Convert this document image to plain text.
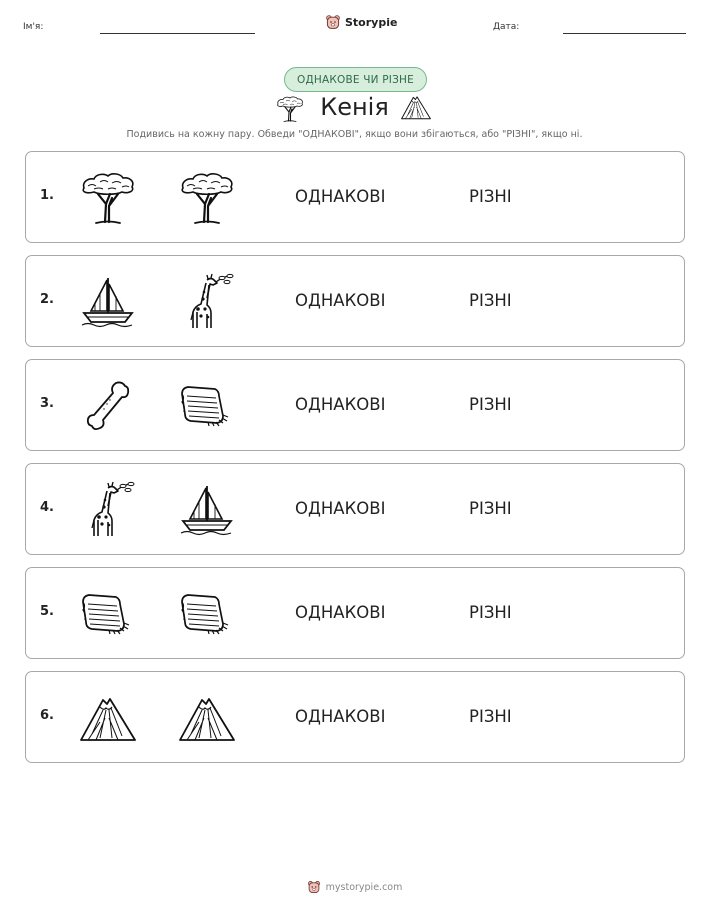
Ім'я:	Storypie	Дата:
ОДНАКОВЕ ЧИ РІЗНЕ
Кенія
Подивись на кожну пару. Обведи "ОДНАКОВІ", якщо вони збігаються, або "РІЗНІ", якщо ні.
1.	ОДНАКОВІ	РІЗНІ
2.	ОДНАКОВІ	РІЗНІ
3.	ОДНАКОВІ	РІЗНІ
4.	ОДНАКОВІ	РІЗНІ
5.	ОДНАКОВІ	РІЗНІ
6.	ОДНАКОВІ	РІЗНІ
mystorypie.com
